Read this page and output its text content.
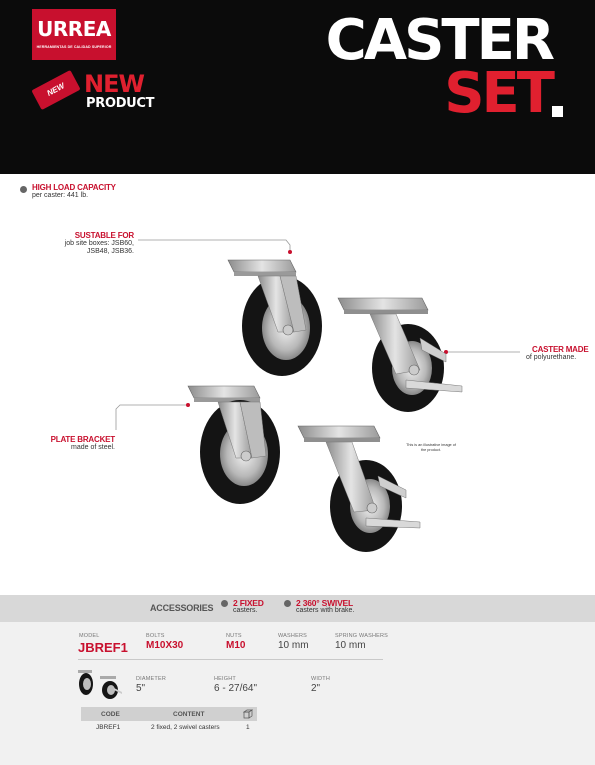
URREA
HERRAMIENTAS DE CALIDAD SUPERIOR
NEW NEW
PRODUCT
CASTER
SET
HIGH LOAD CAPACITY
per caster: 441 lb.
SUSTABLE FOR
job site boxes: JSB60,
JSB48, JSB36.
CASTER MADE
of polyurethane.
PLATE BRACKET
made of steel.	This is an illustrative image of
the product.
ACCESSORIES 2 FIXED
casters.
2 360° SWIVEL
casters with brake.
MODEL
JBREF1
BOLTS
M10X30
NUTS
M10
WASHERS
10 mm
SPRING WASHERS
10 mm
DIAMETER
5"
HEIGHT
6 - 27/64"
WIDTH
2"
CODE	CONTENT
JBREF1	2 fixed, 2 swivel casters	1
